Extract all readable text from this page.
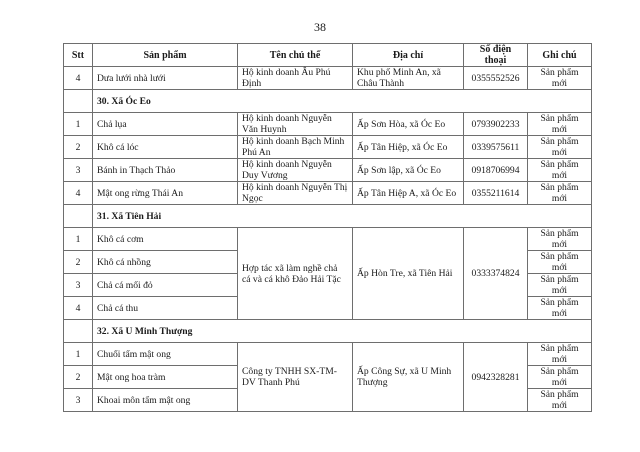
38
Stt	Sản phẩm	Tên chủ thể	Địa chỉ	Số điện thoại	Ghi chú
4	Dưa lưới nhà lưới	Hộ kinh doanh Âu Phú Định	Khu phố Minh An, xã Châu Thành	0355552526	Sản phẩm mới
	30. Xã Óc Eo				
1	Chả lụa	Hộ kinh doanh Nguyễn Văn Huynh	Ấp Sơn Hòa, xã Óc Eo	0793902233	Sản phẩm mới
2	Khô cá lóc	Hộ kinh doanh Bạch Minh Phú An	Ấp Tân Hiệp, xã Óc Eo	0339575611	Sản phẩm mới
3	Bánh in Thạch Thảo	Hộ kinh doanh Nguyễn Duy Vương	Ấp Sơn lập, xã Óc Eo	0918706994	Sản phẩm mới
4	Mật ong rừng Thái An	Hộ kinh doanh Nguyễn Thị Ngọc	Ấp Tân Hiệp A, xã Óc Eo	0355211614	Sản phẩm mới
	31. Xã Tiên Hải				
1	Khô cá cơm	Hợp tác xã làm nghề chả cá và cá khô Đảo Hải Tặc	Ấp Hòn Tre, xã Tiên Hải	0333374824	Sản phẩm mới
2	Khô cá nhồng				Sản phẩm mới
3	Chả cá mối đỏ				Sản phẩm mới
4	Chả cá thu				Sản phẩm mới
	32. Xã U Minh Thượng				
1	Chuối tẩm mật ong	Công ty TNHH SX-TM-DV Thanh Phú	Ấp Công Sự, xã U Minh Thượng	0942328281	Sản phẩm mới
2	Mật ong hoa tràm				Sản phẩm mới
3	Khoai môn tẩm mật ong				Sản phẩm mới
